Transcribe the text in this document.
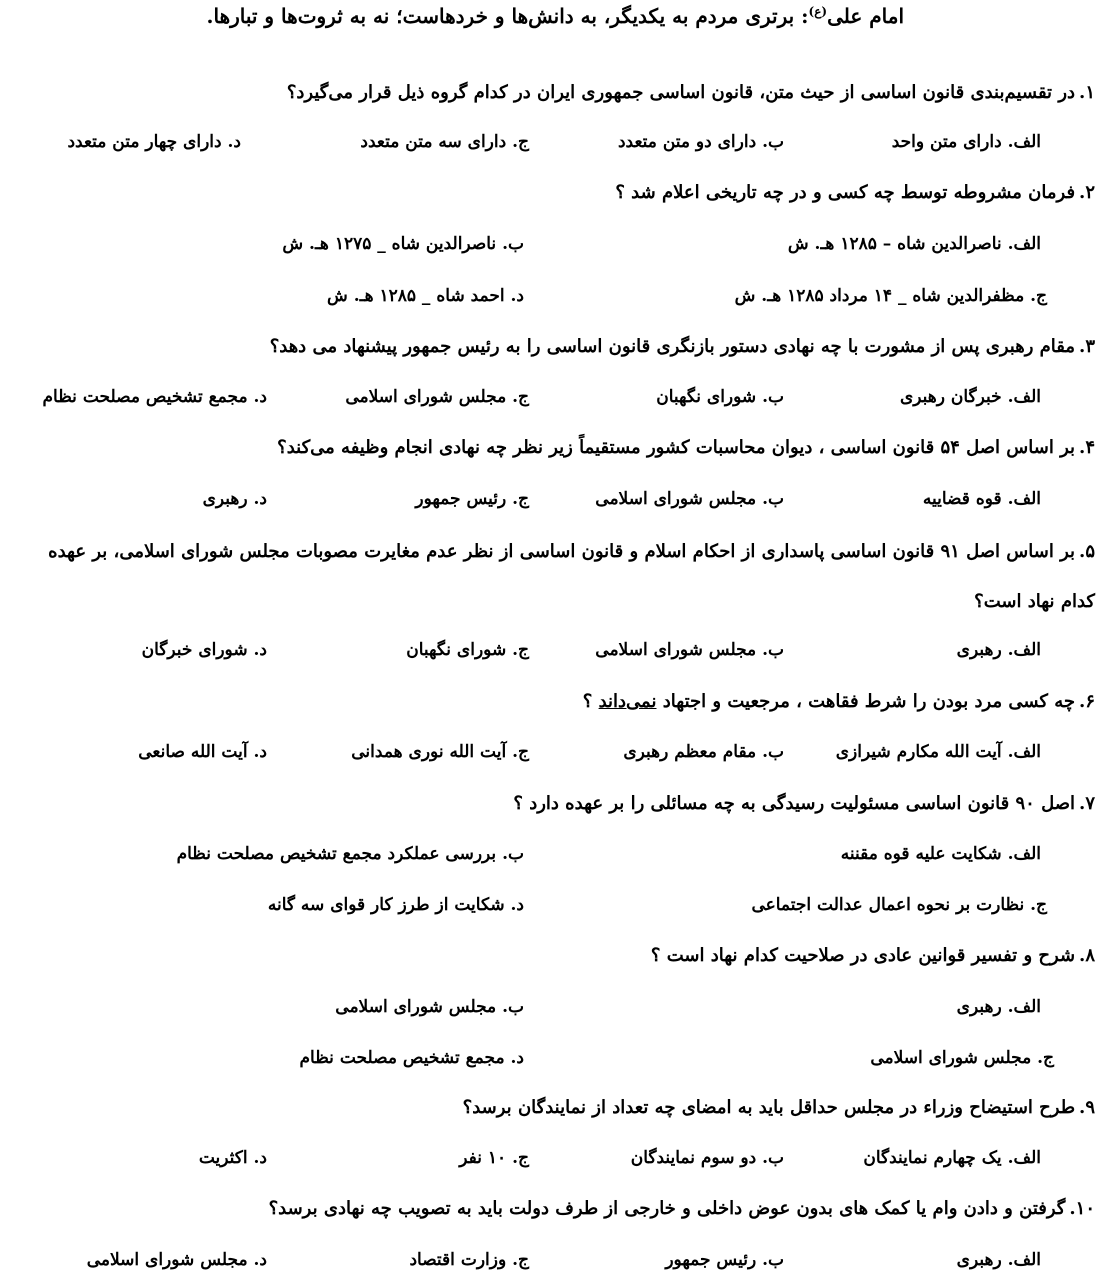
امام علی$^{(ع)}$: برتری مردم به یکدیگر، به دانش‌ها و خردهاست؛ نه به ثروت‌ها و تبارها.
۱.در تقسیم‌بندی قانون اساسی از حیث متن، قانون اساسی جمهوری ایران در کدام گروه ذیل قرار می‌گیرد؟
الف. دارای متن واحد
ب. دارای دو متن متعدد
ج. دارای سه متن متعدد
د. دارای چهار متن متعدد
۲.فرمان مشروطه توسط چه کسی و در چه تاریخی اعلام شد ؟
الف. ناصرالدین شاه – ۱۲۸۵ هـ. ش
ب. ناصرالدین شاه _ ۱۲۷۵ هـ. ش
ج. مظفرالدین شاه _ ۱۴ مرداد ۱۲۸۵ هـ. ش
د. احمد شاه _ ۱۲۸۵ هـ. ش
۳.مقام رهبری پس از مشورت با چه نهادی دستور بازنگری قانون اساسی را به رئیس جمهور پیشنهاد می دهد؟
الف. خبرگان رهبری
ب. شورای نگهبان
ج. مجلس شورای اسلامی
د. مجمع تشخیص مصلحت نظام
۴.بر اساس اصل ۵۴ قانون اساسی ، دیوان محاسبات کشور مستقیماً زیر نظر چه نهادی انجام وظیفه می‌کند؟
الف. قوه قضاییه
ب. مجلس شورای اسلامی
ج. رئیس جمهور
د. رهبری
۵.بر اساس اصل ۹۱ قانون اساسی پاسداری از احکام اسلام و قانون اساسی از نظر عدم مغایرت مصوبات مجلس شورای اسلامی، بر عهده کدام نهاد است؟
الف. رهبری
ب. مجلس شورای اسلامی
ج. شورای نگهبان
د. شورای خبرگان
۶.چه کسی مرد بودن را شرط فقاهت ، مرجعیت و اجتهاد نمی‌داند ؟
الف. آیت الله مکارم شیرازی
ب. مقام معظم رهبری
ج. آیت الله نوری همدانی
د. آیت الله صانعی
۷.اصل ۹۰ قانون اساسی مسئولیت رسیدگی به چه مسائلی را بر عهده دارد ؟
الف. شکایت علیه قوه مقننه
ب. بررسی عملکرد مجمع تشخیص مصلحت نظام
ج. نظارت بر نحوه اعمال عدالت اجتماعی
د. شکایت از طرز کار قوای سه گانه
۸.شرح و تفسیر قوانین عادی در صلاحیت کدام نهاد است ؟
الف. رهبری
ب. مجلس شورای اسلامی
ج. مجلس شورای اسلامی
د. مجمع تشخیص مصلحت نظام
۹.طرح استیضاح وزراء در مجلس حداقل باید به امضای چه تعداد از نمایندگان برسد؟
الف. یک چهارم نمایندگان
ب. دو سوم نمایندگان
ج. ۱۰ نفر
د. اکثریت
۱۰.گرفتن و دادن وام یا کمک های بدون عوض داخلی و خارجی از طرف دولت باید به تصویب چه نهادی برسد؟
الف. رهبری
ب. رئیس جمهور
ج. وزارت اقتصاد
د. مجلس شورای اسلامی
